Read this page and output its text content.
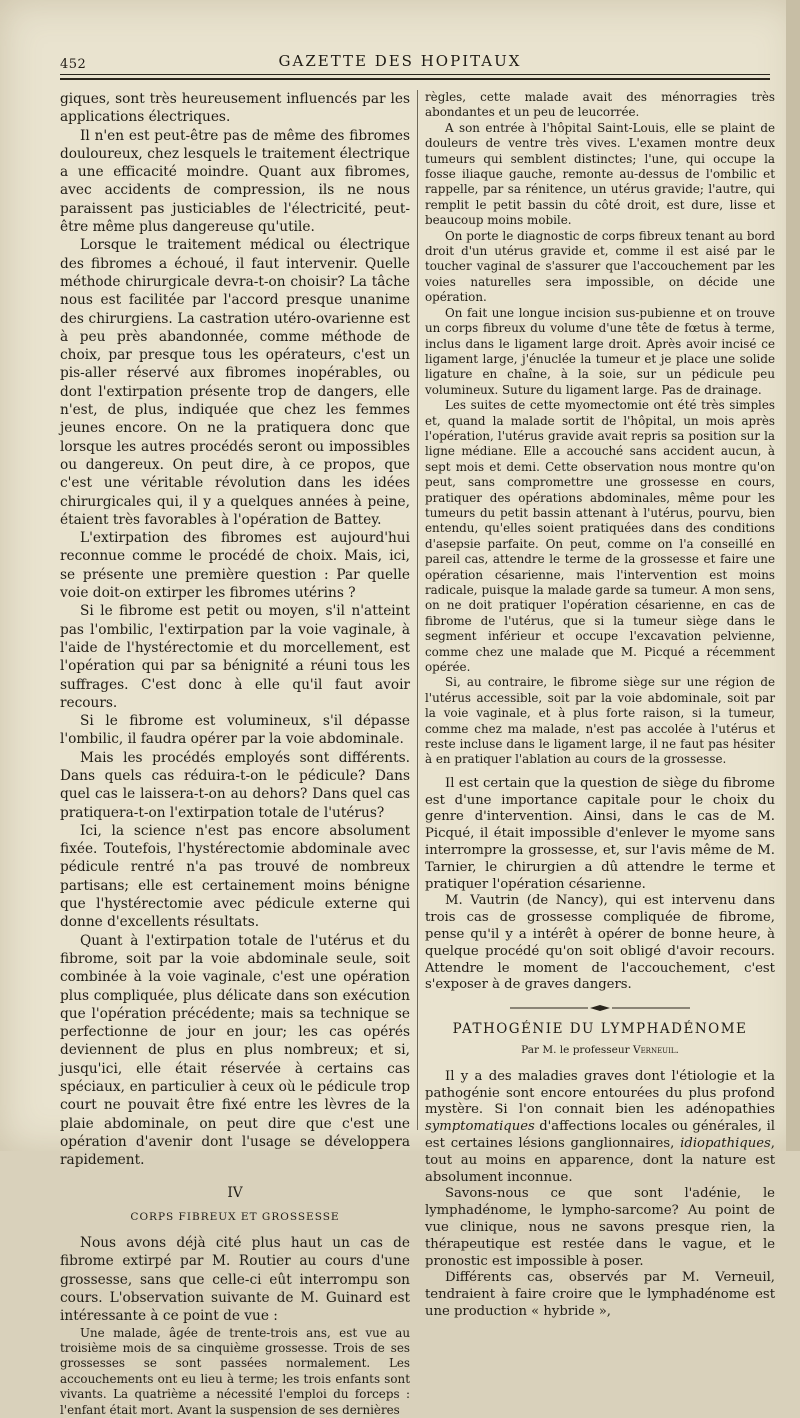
452	GAZETTE DES HOPITAUX

giques, sont très heureusement influencés par les applications électriques.

Il n'en est peut-être pas de même des fibromes douloureux, chez lesquels le traitement électrique a une efficacité moindre. Quant aux fibromes, avec accidents de compression, ils ne nous paraissent pas justiciables de l'électricité, peut-être même plus dangereuse qu'utile.

Lorsque le traitement médical ou électrique des fibromes a échoué, il faut intervenir. Quelle méthode chirurgicale devra-t-on choisir? La tâche nous est facilitée par l'accord presque unanime des chirurgiens. La castration utéro-ovarienne est à peu près abandonnée, comme méthode de choix, par presque tous les opérateurs, c'est un pis-aller réservé aux fibromes inopérables, ou dont l'extirpation présente trop de dangers, elle n'est, de plus, indiquée que chez les femmes jeunes encore. On ne la pratiquera donc que lorsque les autres procédés seront ou impossibles ou dangereux. On peut dire, à ce propos, que c'est une véritable révolution dans les idées chirurgicales qui, il y a quelques années à peine, étaient très favorables à l'opération de Battey.

L'extirpation des fibromes est aujourd'hui reconnue comme le procédé de choix. Mais, ici, se présente une première question : Par quelle voie doit-on extirper les fibromes utérins ?

Si le fibrome est petit ou moyen, s'il n'atteint pas l'ombilic, l'extirpation par la voie vaginale, à l'aide de l'hystérectomie et du morcellement, est l'opération qui par sa bénignité a réuni tous les suffrages. C'est donc à elle qu'il faut avoir recours.

Si le fibrome est volumineux, s'il dépasse l'ombilic, il faudra opérer par la voie abdominale.

Mais les procédés employés sont différents. Dans quels cas réduira-t-on le pédicule? Dans quel cas le laissera-t-on au dehors? Dans quel cas pratiquera-t-on l'extirpation totale de l'utérus?

Ici, la science n'est pas encore absolument fixée. Toutefois, l'hystérectomie abdominale avec pédicule rentré n'a pas trouvé de nombreux partisans; elle est certainement moins bénigne que l'hystérectomie avec pédicule externe qui donne d'excellents résultats.

Quant à l'extirpation totale de l'utérus et du fibrome, soit par la voie abdominale seule, soit combinée à la voie vaginale, c'est une opération plus compliquée, plus délicate dans son exécution que l'opération précédente; mais sa technique se perfectionne de jour en jour; les cas opérés deviennent de plus en plus nombreux; et si, jusqu'ici, elle était réservée à certains cas spéciaux, en particulier à ceux où le pédicule trop court ne pouvait être fixé entre les lèvres de la plaie abdominale, on peut dire que c'est une opération d'avenir dont l'usage se développera rapidement.

IV
CORPS FIBREUX ET GROSSESSE

Nous avons déjà cité plus haut un cas de fibrome extirpé par M. Routier au cours d'une grossesse, sans que celle-ci eût interrompu son cours. L'observation suivante de M. Guinard est intéressante à ce point de vue :

Une malade, âgée de trente-trois ans, est vue au troisième mois de sa cinquième grossesse. Trois de ses grossesses se sont passées normalement. Les accouchements ont eu lieu à terme; les trois enfants sont vivants. La quatrième a nécessité l'emploi du forceps : l'enfant était mort. Avant la suspension de ses dernières

règles, cette malade avait des ménorragies très abondantes et un peu de leucorrée.

A son entrée à l'hôpital Saint-Louis, elle se plaint de douleurs de ventre très vives. L'examen montre deux tumeurs qui semblent distinctes; l'une, qui occupe la fosse iliaque gauche, remonte au-dessus de l'ombilic et rappelle, par sa rénitence, un utérus gravide; l'autre, qui remplit le petit bassin du côté droit, est dure, lisse et beaucoup moins mobile.

On porte le diagnostic de corps fibreux tenant au bord droit d'un utérus gravide et, comme il est aisé par le toucher vaginal de s'assurer que l'accouchement par les voies naturelles sera impossible, on décide une opération.

On fait une longue incision sus-pubienne et on trouve un corps fibreux du volume d'une tête de fœtus à terme, inclus dans le ligament large droit. Après avoir incisé ce ligament large, j'énucléе la tumeur et je place une solide ligature en chaîne, à la soie, sur un pédicule peu volumineux. Suture du ligament large. Pas de drainage.

Les suites de cette myomectomie ont été très simples et, quand la malade sortit de l'hôpital, un mois après l'opération, l'utérus gravide avait repris sa position sur la ligne médiane. Elle a accouché sans accident aucun, à sept mois et demi. Cette observation nous montre qu'on peut, sans compromettre une grossesse en cours, pratiquer des opérations abdominales, même pour les tumeurs du petit bassin attenant à l'utérus, pourvu, bien entendu, qu'elles soient pratiquées dans des conditions d'asepsie parfaite. On peut, comme on l'a conseillé en pareil cas, attendre le terme de la grossesse et faire une opération césarienne, mais l'intervention est moins radicale, puisque la malade garde sa tumeur. A mon sens, on ne doit pratiquer l'opération césarienne, en cas de fibrome de l'utérus, que si la tumeur siège dans le segment inférieur et occupe l'excavation pelvienne, comme chez une malade que M. Picqué a récemment opérée.

Si, au contraire, le fibrome siège sur une région de l'utérus accessible, soit par la voie abdominale, soit par la voie vaginale, et à plus forte raison, si la tumeur, comme chez ma malade, n'est pas accolée à l'utérus et reste incluse dans le ligament large, il ne faut pas hésiter à en pratiquer l'ablation au cours de la grossesse.

Il est certain que la question de siège du fibrome est d'une importance capitale pour le choix du genre d'intervention. Ainsi, dans le cas de M. Picqué, il était impossible d'enlever le myome sans interrompre la grossesse, et, sur l'avis même de M. Tarnier, le chirurgien a dû attendre le terme et pratiquer l'opération césarienne.

M. Vautrin (de Nancy), qui est intervenu dans trois cas de grossesse compliquée de fibrome, pense qu'il y a intérêt à opérer de bonne heure, à quelque procédé qu'on soit obligé d'avoir recours. Attendre le moment de l'accouchement, c'est s'exposer à de graves dangers.

PATHOGÉNIE DU LYMPHADÉNOME
Par M. le professeur Verneuil.

Il y a des maladies graves dont l'étiologie et la pathogénie sont encore entourées du plus profond mystère. Si l'on connait bien les adénopathies symptomatiques d'affections locales ou générales, il est certaines lésions ganglionnaires, idiopathiques, tout au moins en apparence, dont la nature est absolument inconnue.

Savons-nous ce que sont l'adénie, le lymphadénome, le lympho-sarcome? Au point de vue clinique, nous ne savons presque rien, la thérapeutique est restée dans le vague, et le pronostic est impossible à poser.

Différents cas, observés par M. Verneuil, tendraient à faire croire que le lymphadénome est une production « hybride »,
